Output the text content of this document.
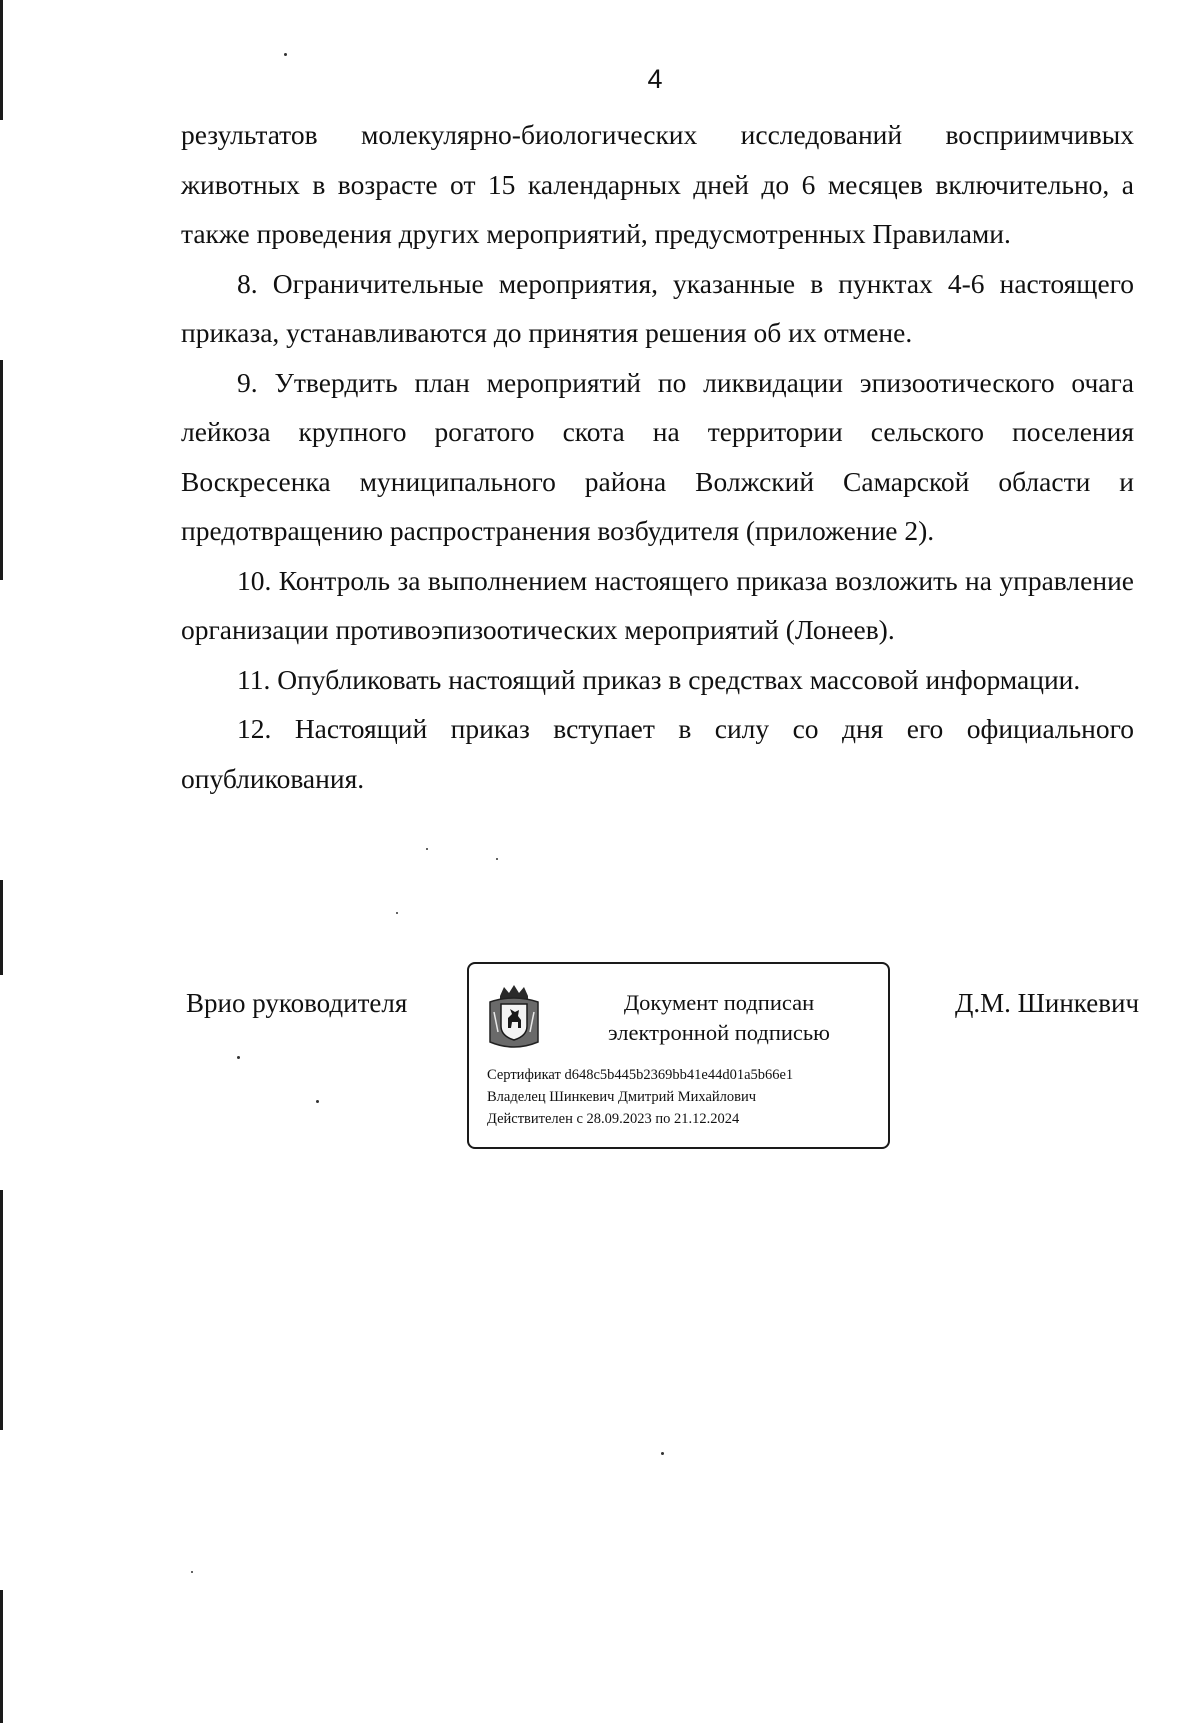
4

результатов молекулярно-биологических исследований восприимчивых животных в возрасте от 15 календарных дней до 6 месяцев включительно, а также проведения других мероприятий, предусмотренных Правилами.

8. Ограничительные мероприятия, указанные в пунктах 4-6 настоящего приказа, устанавливаются до принятия решения об их отмене.

9. Утвердить план мероприятий по ликвидации эпизоотического очага лейкоза крупного рогатого скота на территории сельского поселения Воскресенка муниципального района Волжский Самарской области и предотвращению распространения возбудителя (приложение 2).

10. Контроль за выполнением настоящего приказа возложить на управление организации противоэпизоотических мероприятий (Лонеев).

11. Опубликовать настоящий приказ в средствах массовой информации.

12. Настоящий приказ вступает в силу со дня его официального опубликования.

Врио руководителя	Документ подписан
электронной подписью
Сертификат d648c5b445b2369bb41e44d01a5b66e1
Владелец Шинкевич Дмитрий Михайлович
Действителен с 28.09.2023 по 21.12.2024
Д.М. Шинкевич
